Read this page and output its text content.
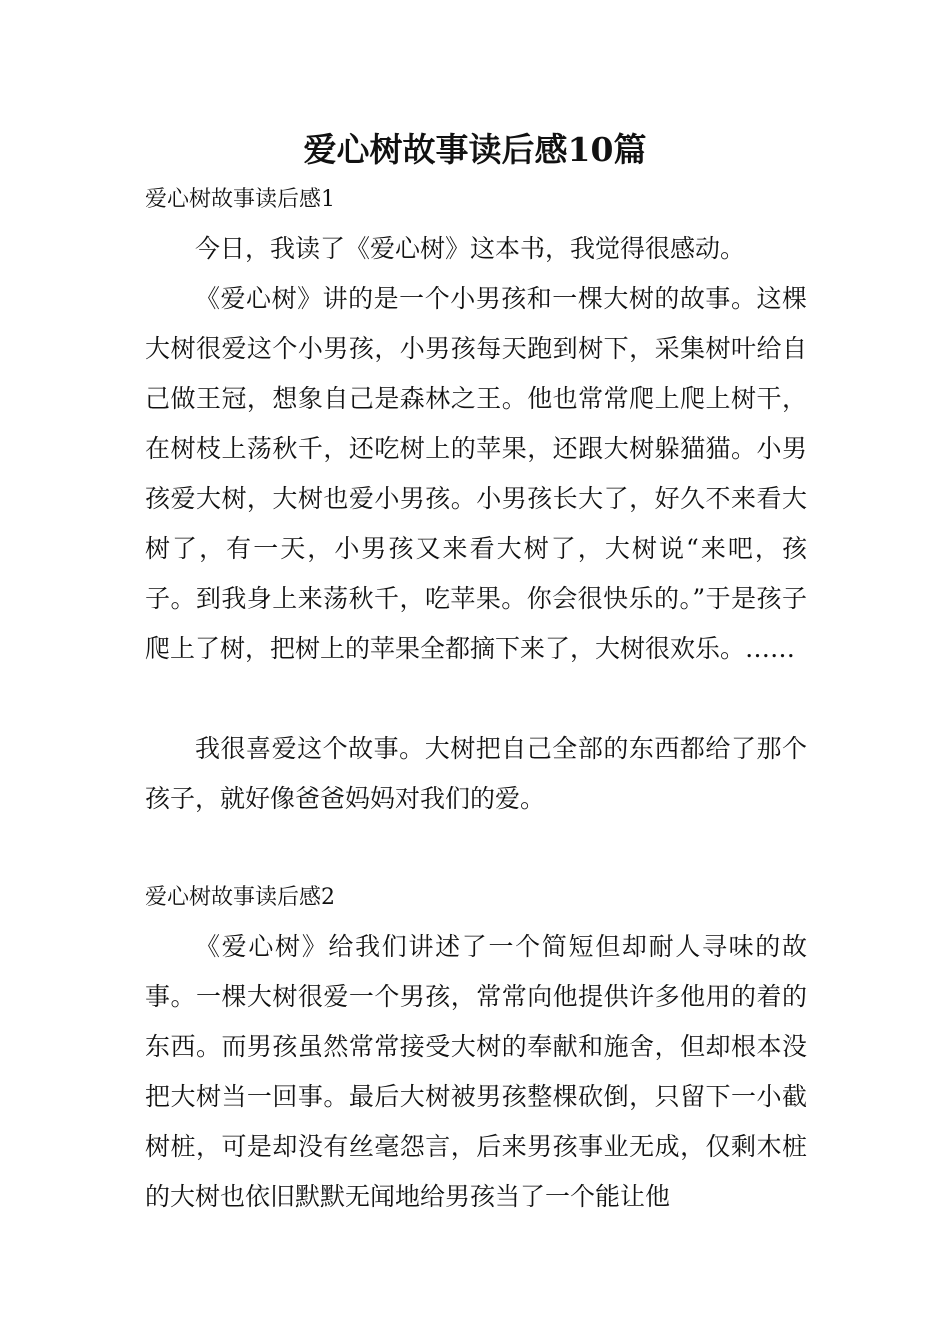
爱心树故事读后感10篇
爱心树故事读后感1

今日，我读了《爱心树》这本书，我觉得很感动。

《爱心树》讲的是一个小男孩和一棵大树的故事。这棵大树很爱这个小男孩，小男孩每天跑到树下，采集树叶给自己做王冠，想象自己是森林之王。他也常常爬上爬上树干，在树枝上荡秋千，还吃树上的苹果，还跟大树躲猫猫。小男孩爱大树，大树也爱小男孩。小男孩长大了，好久不来看大树了，有一天，小男孩又来看大树了，大树说“来吧，孩子。到我身上来荡秋千，吃苹果。你会很快乐的。”于是孩子爬上了树，把树上的苹果全都摘下来了，大树很欢乐。……

我很喜爱这个故事。大树把自己全部的东西都给了那个孩子，就好像爸爸妈妈对我们的爱。

爱心树故事读后感2

《爱心树》给我们讲述了一个简短但却耐人寻味的故事。一棵大树很爱一个男孩，常常向他提供许多他用的着的东西。而男孩虽然常常接受大树的奉献和施舍，但却根本没把大树当一回事。最后大树被男孩整棵砍倒，只留下一小截树桩，可是却没有丝毫怨言，后来男孩事业无成，仅剩木桩的大树也依旧默默无闻地给男孩当了一个能让他
